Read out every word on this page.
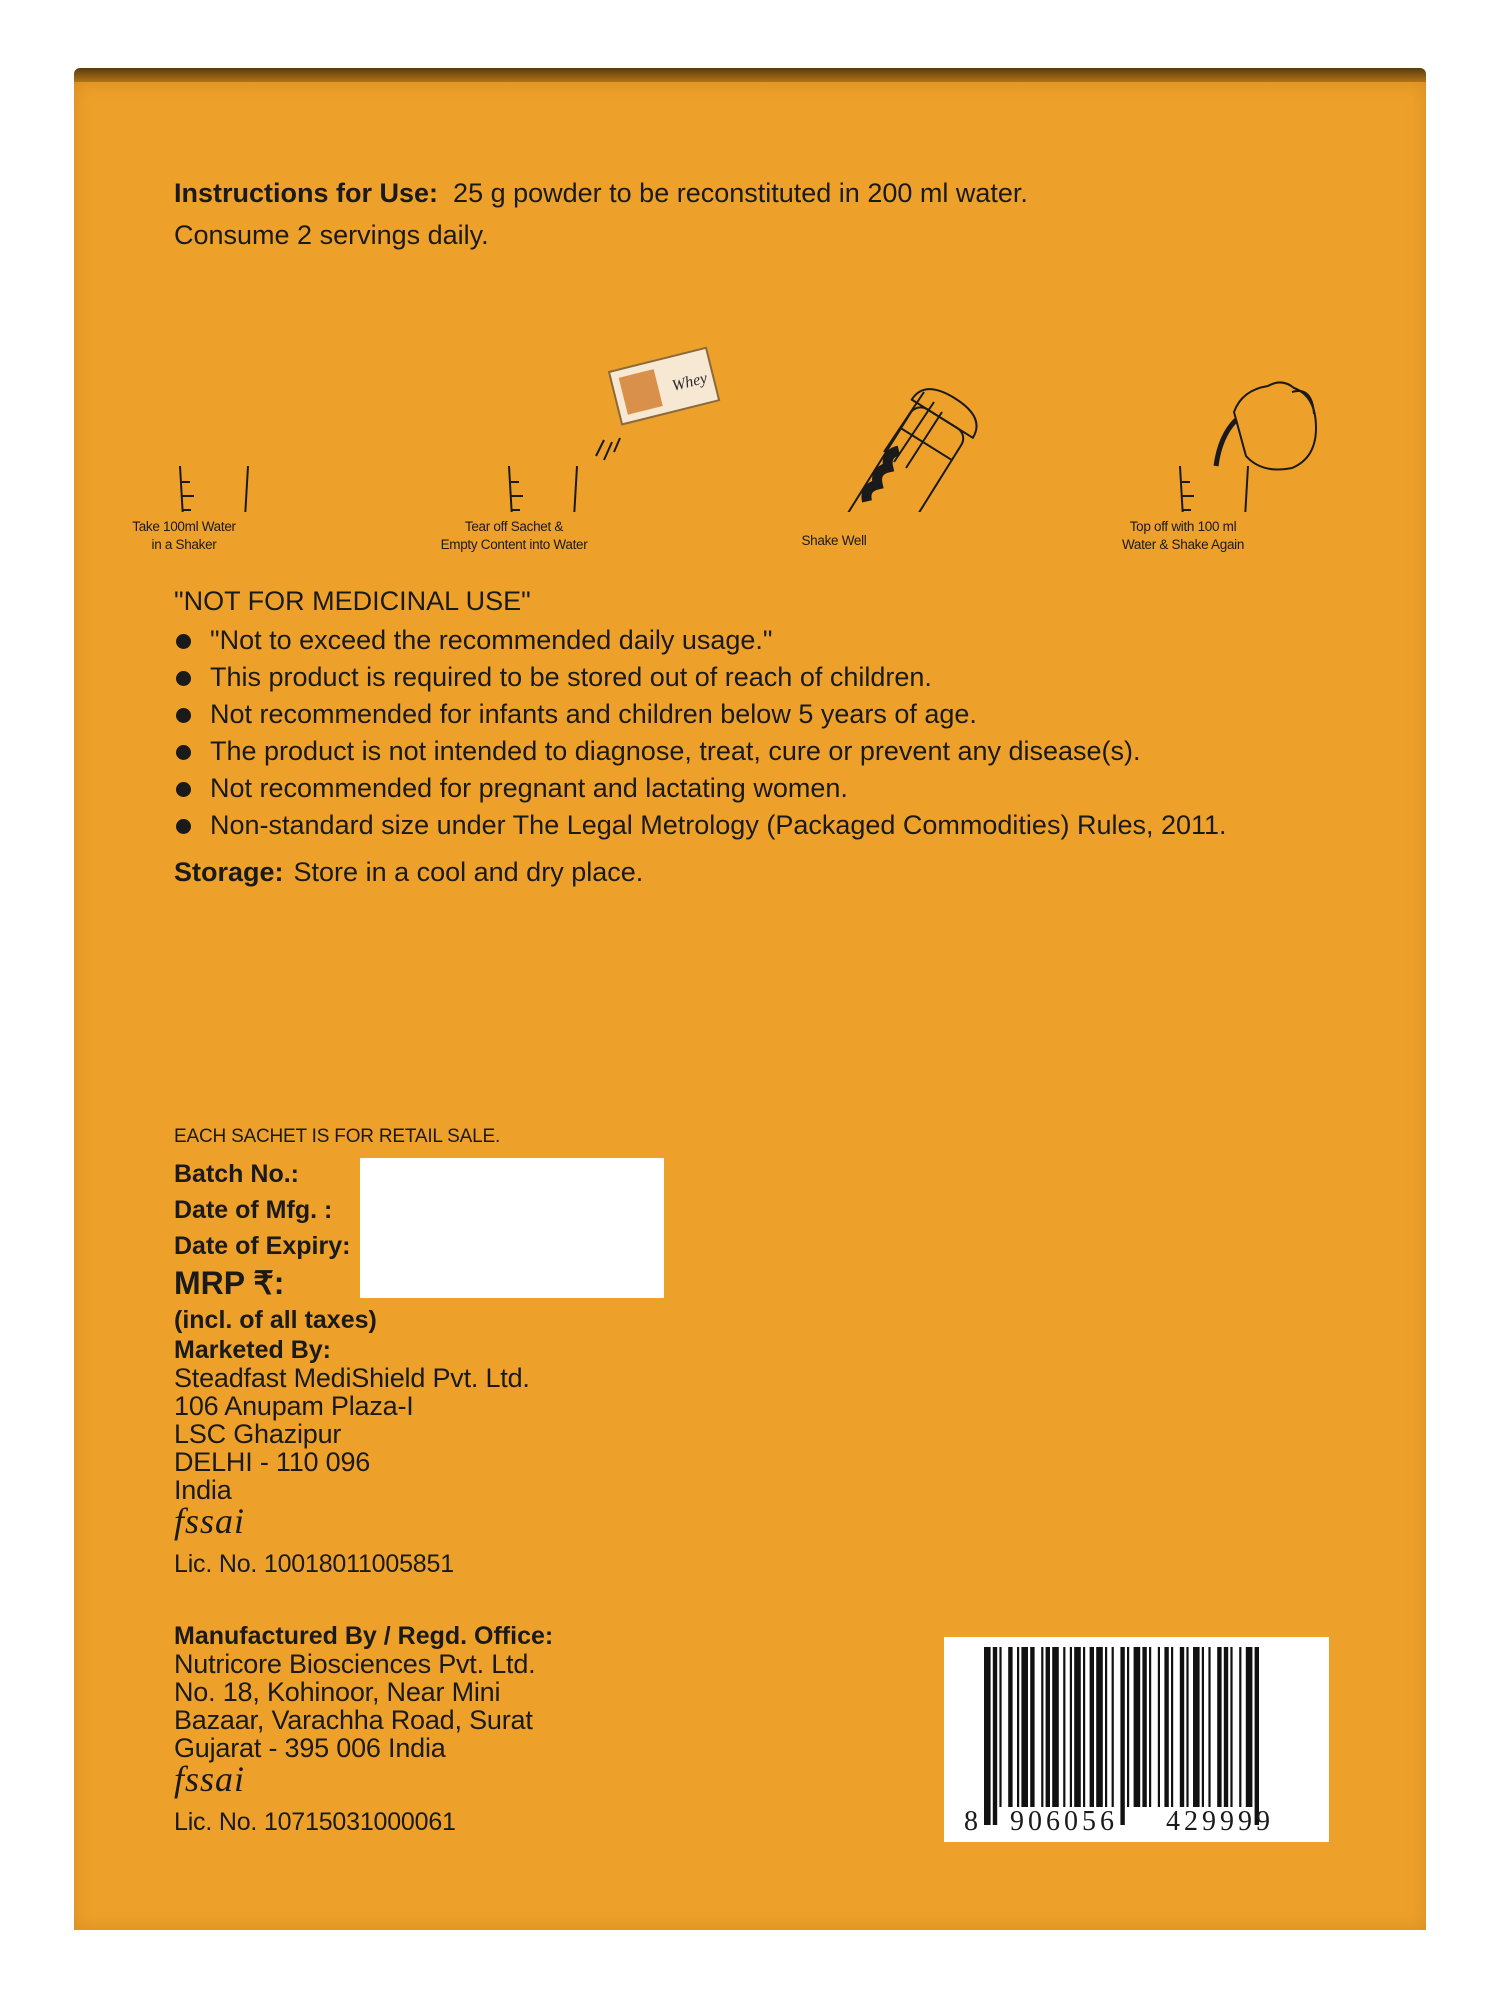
Instructions for Use: 25 g powder to be reconstituted in 200 ml water.
Consume 2 servings daily.
Whey
Take 100ml Water
in a Shaker
Tear off Sachet &
Empty Content into Water	Shake Well
Top off with 100 ml
Water & Shake Again
"NOT FOR MEDICINAL USE"
"Not to exceed the recommended daily usage."
This product is required to be stored out of reach of children.
Not recommended for infants and children below 5 years of age.
The product is not intended to diagnose, treat, cure or prevent any disease(s).
Not recommended for pregnant and lactating women.
Non-standard size under The Legal Metrology (Packaged Commodities) Rules, 2011.
Storage: Store in a cool and dry place.
EACH SACHET IS FOR RETAIL SALE.
Batch No.:
Date of Mfg. :
Date of Expiry:
MRP ₹:
(incl. of all taxes)
Marketed By:
Steadfast MediShield Pvt. Ltd.
106 Anupam Plaza-I
LSC Ghazipur
DELHI - 110 096
India
fssai
Lic. No. 10018011005851
Manufactured By / Regd. Office:
Nutricore Biosciences Pvt. Ltd.
No. 18, Kohinoor, Near Mini
Bazaar, Varachha Road, Surat
Gujarat - 395 006 India
fssai
Lic. No. 10715031000061	8 906056 429999
